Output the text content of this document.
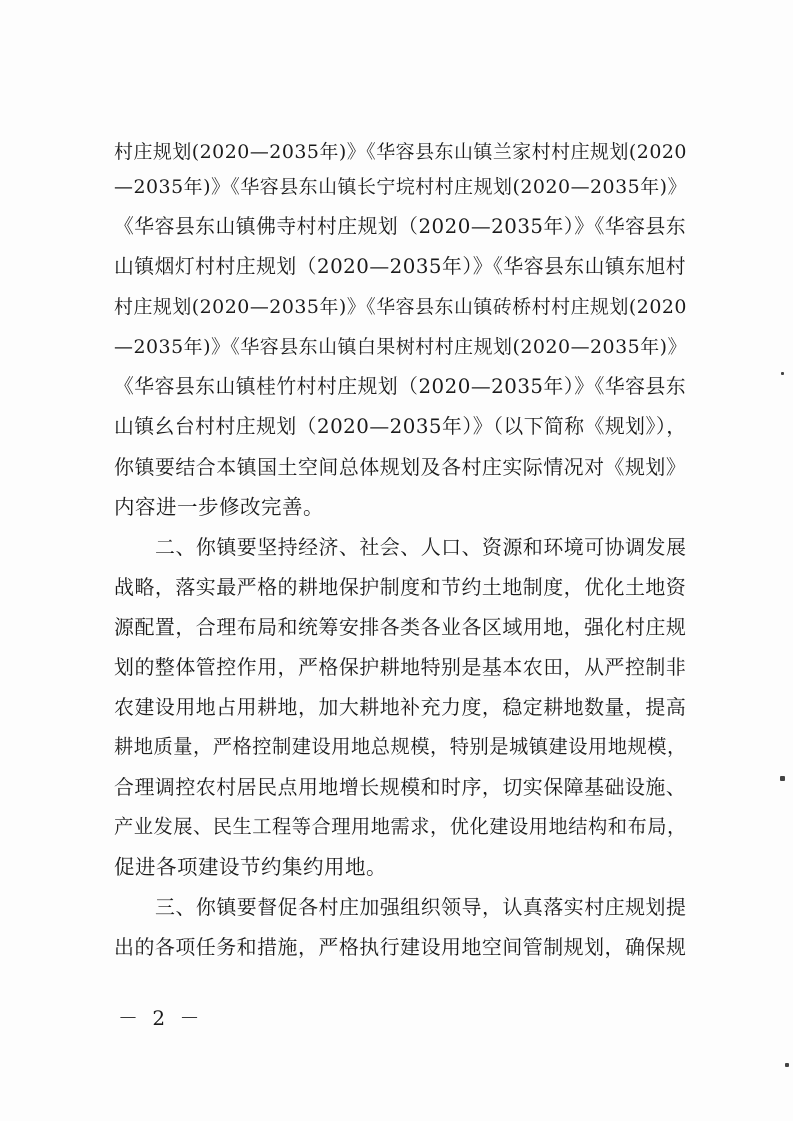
村庄规划(2020—2035年)》《华容县东山镇兰家村村庄规划(2020
—2035年)》《华容县东山镇长宁垸村村庄规划(2020—2035年)》
《华容县东山镇佛寺村村庄规划（2020—2035年）》《华容县东
山镇烟灯村村庄规划（2020—2035年）》《华容县东山镇东旭村
村庄规划(2020—2035年)》《华容县东山镇砖桥村村庄规划(2020
—2035年)》《华容县东山镇白果树村村庄规划(2020—2035年)》
《华容县东山镇桂竹村村庄规划（2020—2035年）》《华容县东
山镇幺台村村庄规划（2020—2035年）》（以下简称《规划》），
你镇要结合本镇国土空间总体规划及各村庄实际情况对《规划》
内容进一步修改完善。
二、你镇要坚持经济、社会、人口、资源和环境可协调发展
战略，落实最严格的耕地保护制度和节约土地制度，优化土地资
源配置，合理布局和统筹安排各类各业各区域用地，强化村庄规
划的整体管控作用，严格保护耕地特别是基本农田，从严控制非
农建设用地占用耕地，加大耕地补充力度，稳定耕地数量，提高
耕地质量，严格控制建设用地总规模，特别是城镇建设用地规模，
合理调控农村居民点用地增长规模和时序，切实保障基础设施、
产业发展、民生工程等合理用地需求，优化建设用地结构和布局，
促进各项建设节约集约用地。
三、你镇要督促各村庄加强组织领导，认真落实村庄规划提
出的各项任务和措施，严格执行建设用地空间管制规划，确保规
－ 2 －
